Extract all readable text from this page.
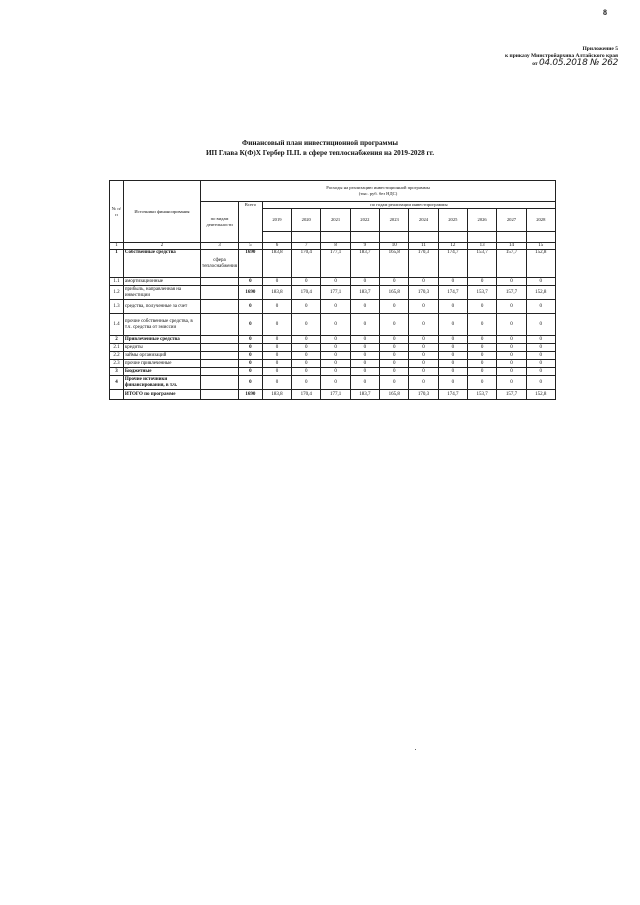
8
Приложение 5
к приказу Минстройархива Алтайского края
от 04.05.2018 № 262
Финансовый план инвестиционной программы
ИП Глава К(Ф)Х Гербер П.П. в сфере теплоснабжения на 2019-2028 гг.
№ п/п	Источники финансирования	Расходы на реализацию инвестиционной программы
(тыс. руб. без НДС)											

		по видам деятельности	Всего	по годам реализации инвестпрограммы									
				2019	2020	2021	2022	2023	2024	2025	2026	2027	2028

1	2	3	5	6	7	8	9	10	11	12	13	14	15
1	Собственные средства	сфера теплоснабжения	1690	183,8	170,4	177,1	183,7	165,8	170,3	174,7	153,7	157,7	152,8
1.1	амортизационные		0	0	0	0	0	0	0	0	0	0	0
1.2	прибыль, направленная на инвестиции		1690	183,8	170,4	177,1	183,7	165,8	170,3	174,7	153,7	157,7	152,8
1.3	средства, полученные за счет		0	0	0	0	0	0	0	0	0	0	0
1.4	прочие собственные средства, в т.ч. средства от эмиссии		0	0	0	0	0	0	0	0	0	0	0
2	Привлеченные средства		0	0	0	0	0	0	0	0	0	0	0
2.1	кредиты		0	0	0	0	0	0	0	0	0	0	0
2.2	займы организаций		0	0	0	0	0	0	0	0	0	0	0
2.3	прочие привлеченные		0	0	0	0	0	0	0	0	0	0	0
3	Бюджетные		0	0	0	0	0	0	0	0	0	0	0
4	Прочие источники финансирования, в т.ч.		0	0	0	0	0	0	0	0	0	0	0
	ИТОГО по программе		1690	183,8	170,4	177,1	183,7	165,8	170,3	174,7	153,7	157,7	152,8
